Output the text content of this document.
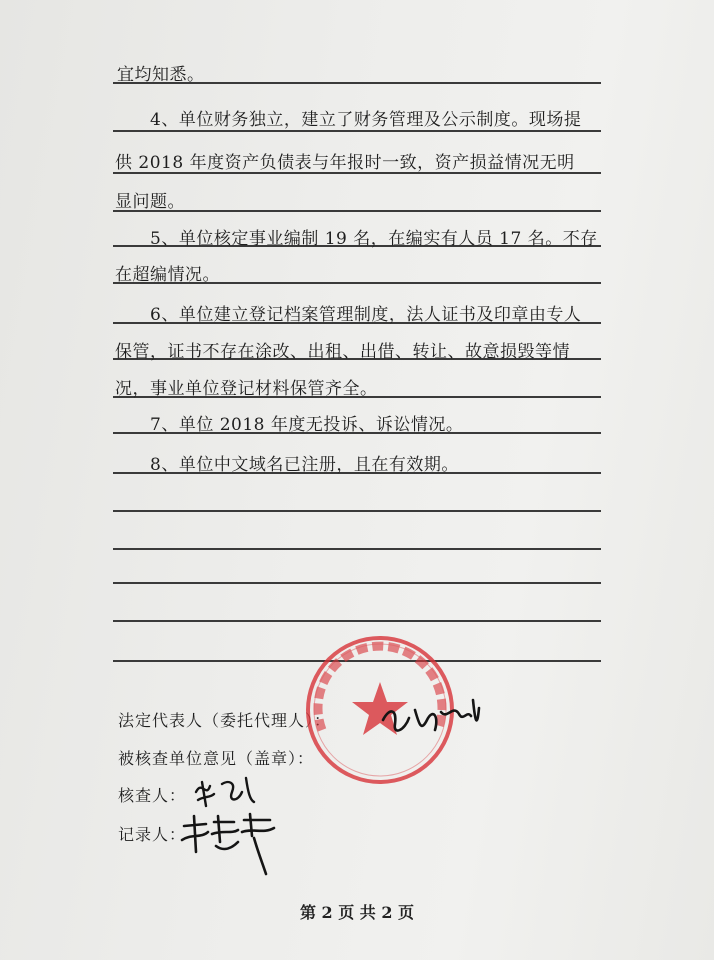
宜均知悉。
4、单位财务独立，建立了财务管理及公示制度。现场提
供 2018 年度资产负债表与年报时一致，资产损益情况无明
显问题。
5、单位核定事业编制 19 名，在编实有人员 17 名。不存
在超编情况。
6、单位建立登记档案管理制度，法人证书及印章由专人
保管，证书不存在涂改、出租、出借、转让、故意损毁等情
况，事业单位登记材料保管齐全。
7、单位 2018 年度无投诉、诉讼情况。
8、单位中文域名已注册，且在有效期。
法定代表人（委托代理人）：
被核查单位意见（盖章）：
核查人：
记录人：
第 2 页 共 2 页
